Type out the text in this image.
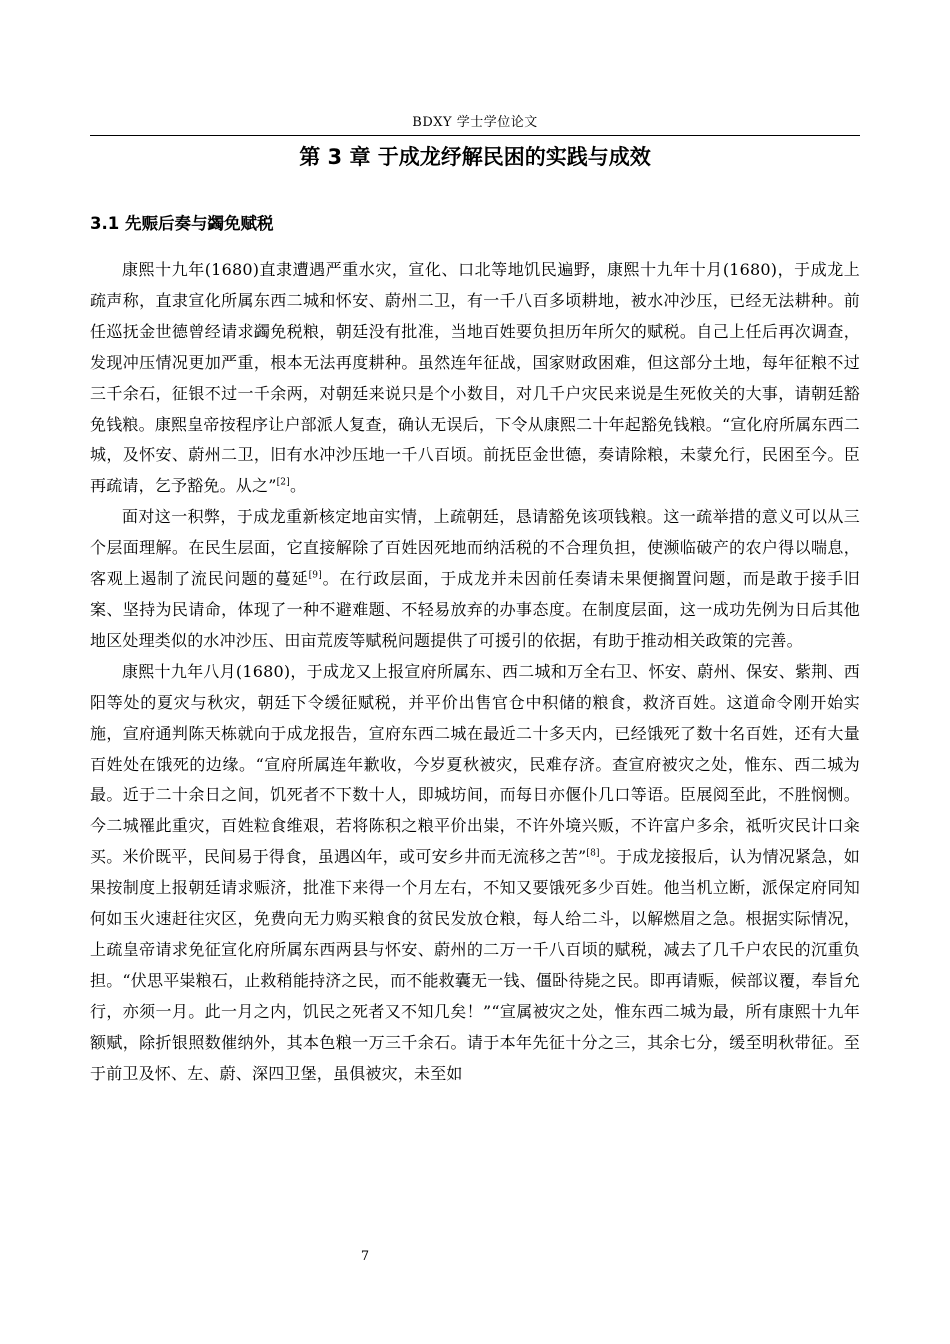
BDXY 学士学位论文
第 3 章 于成龙纾解民困的实践与成效
3.1 先赈后奏与蠲免赋税

康熙十九年(1680)直隶遭遇严重水灾，宣化、口北等地饥民遍野，康熙十九年十月(1680)，于成龙上疏声称，直隶宣化所属东西二城和怀安、蔚州二卫，有一千八百多顷耕地，被水冲沙压，已经无法耕种。前任巡抚金世德曾经请求蠲免税粮，朝廷没有批准，当地百姓要负担历年所欠的赋税。自己上任后再次调查，发现冲压情况更加严重，根本无法再度耕种。虽然连年征战，国家财政困难，但这部分土地，每年征粮不过三千余石，征银不过一千余两，对朝廷来说只是个小数目，对几千户灾民来说是生死攸关的大事，请朝廷豁免钱粮。康熙皇帝按程序让户部派人复查，确认无误后，下令从康熙二十年起豁免钱粮。“宣化府所属东西二城，及怀安、蔚州二卫，旧有水冲沙压地一千八百顷。前抚臣金世德，奏请除粮，未蒙允行，民困至今。臣再疏请，乞予豁免。从之”[2]。

面对这一积弊，于成龙重新核定地亩实情，上疏朝廷，恳请豁免该项钱粮。这一疏举措的意义可以从三个层面理解。在民生层面，它直接解除了百姓因死地而纳活税的不合理负担，使濒临破产的农户得以喘息，客观上遏制了流民问题的蔓延[9]。在行政层面，于成龙并未因前任奏请未果便搁置问题，而是敢于接手旧案、坚持为民请命，体现了一种不避难题、不轻易放弃的办事态度。在制度层面，这一成功先例为日后其他地区处理类似的水冲沙压、田亩荒废等赋税问题提供了可援引的依据，有助于推动相关政策的完善。

康熙十九年八月(1680)，于成龙又上报宣府所属东、西二城和万全右卫、怀安、蔚州、保安、紫荆、西阳等处的夏灾与秋灾，朝廷下令缓征赋税，并平价出售官仓中积储的粮食，救济百姓。这道命令刚开始实施，宣府通判陈天栋就向于成龙报告，宣府东西二城在最近二十多天内，已经饿死了数十名百姓，还有大量百姓处在饿死的边缘。“宣府所属连年歉收，今岁夏秋被灾，民难存济。查宣府被灾之处，惟东、西二城为最。近于二十余日之间，饥死者不下数十人，即城坊间，而每日亦偃仆几口等语。臣展阅至此，不胜悯恻。今二城罹此重灾，百姓粒食维艰，若将陈积之粮平价出粜，不许外境兴贩，不许富户多余，祗听灾民计口籴买。米价既平，民间易于得食，虽遇凶年，或可安乡井而无流移之苦”[8]。于成龙接报后，认为情况紧急，如果按制度上报朝廷请求赈济，批准下来得一个月左右，不知又要饿死多少百姓。他当机立断，派保定府同知何如玉火速赶往灾区，免费向无力购买粮食的贫民发放仓粮，每人给二斗，以解燃眉之急。根据实际情况，上疏皇帝请求免征宣化府所属东西两县与怀安、蔚州的二万一千八百顷的赋税，减去了几千户农民的沉重负担。“伏思平粜粮石，止救稍能持济之民，而不能救囊无一钱、僵卧待毙之民。即再请赈，候部议覆，奉旨允行，亦须一月。此一月之内，饥民之死者又不知几矣！”“宣属被灾之处，惟东西二城为最，所有康熙十九年额赋，除折银照数催纳外，其本色粮一万三千余石。请于本年先征十分之三，其余七分，缓至明秋带征。至于前卫及怀、左、蔚、深四卫堡，虽俱被灾，未至如

7
